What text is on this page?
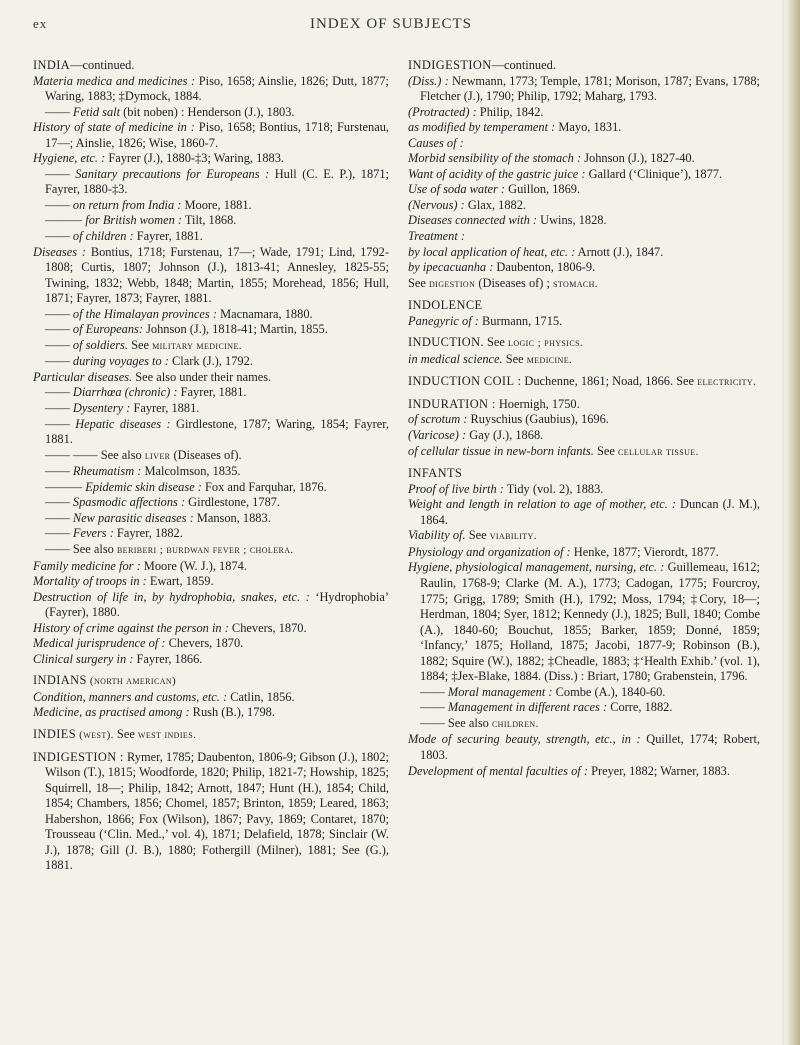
ex	INDEX OF SUBJECTS

INDIA—continued.

Materia medica and medicines : Piso, 1658; Ainslie, 1826; Dutt, 1877; Waring, 1883; ‡Dymock, 1884.

—— Fetid salt (bit noben) : Henderson (J.), 1803.

History of state of medicine in : Piso, 1658; Bontius, 1718; Furstenau, 17—; Ainslie, 1826; Wise, 1860-7.

Hygiene, etc. : Fayrer (J.), 1880-‡3; Waring, 1883.

—— Sanitary precautions for Europeans : Hull (C. E. P.), 1871; Fayrer, 1880-‡3.

—— on return from India : Moore, 1881.

——— for British women : Tilt, 1868.

—— of children : Fayrer, 1881.

Diseases : Bontius, 1718; Furstenau, 17—; Wade, 1791; Lind, 1792-1808; Curtis, 1807; Johnson (J.), 1813-41; Annesley, 1825-55; Twining, 1832; Webb, 1848; Martin, 1855; Morehead, 1856; Hull, 1871; Fayrer, 1873; Fayrer, 1881.

—— of the Himalayan provinces : Macnamara, 1880.

—— of Europeans: Johnson (J.), 1818-41; Martin, 1855.

—— of soldiers. See military medicine.

—— during voyages to : Clark (J.), 1792.

Particular diseases. See also under their names.

—— Diarrhœa (chronic) : Fayrer, 1881.

—— Dysentery : Fayrer, 1881.

—— Hepatic diseases : Girdlestone, 1787; Waring, 1854; Fayrer, 1881.

—— —— See also liver (Diseases of).

—— Rheumatism : Malcolmson, 1835.

——— Epidemic skin disease : Fox and Farquhar, 1876.

—— Spasmodic affections : Girdlestone, 1787.

—— New parasitic diseases : Manson, 1883.

—— Fevers : Fayrer, 1882.

—— See also beriberi ; burdwan fever ; cholera.

Family medicine for : Moore (W. J.), 1874.

Mortality of troops in : Ewart, 1859.

Destruction of life in, by hydrophobia, snakes, etc. : ‘Hydrophobia’ (Fayrer), 1880.

History of crime against the person in : Chevers, 1870.

Medical jurisprudence of : Chevers, 1870.

Clinical surgery in : Fayrer, 1866.

INDIANS (north american)

Condition, manners and customs, etc. : Catlin, 1856.

Medicine, as practised among : Rush (B.), 1798.

INDIES (west). See west indies.

INDIGESTION : Rymer, 1785; Daubenton, 1806-9; Gibson (J.), 1802; Wilson (T.), 1815; Woodforde, 1820; Philip, 1821-7; Howship, 1825; Squirrell, 18—; Philip, 1842; Arnott, 1847; Hunt (H.), 1854; Child, 1854; Chambers, 1856; Chomel, 1857; Brinton, 1859; Leared, 1863; Habershon, 1866; Fox (Wilson), 1867; Pavy, 1869; Contaret, 1870; Trousseau (‘Clin. Med.,’ vol. 4), 1871; Delafield, 1878; Sinclair (W. J.), 1878; Gill (J. B.), 1880; Fothergill (Milner), 1881; See (G.), 1881.

INDIGESTION—continued.

(Diss.) : Newmann, 1773; Temple, 1781; Morison, 1787; Evans, 1788; Fletcher (J.), 1790; Philip, 1792; Maharg, 1793.

(Protracted) : Philip, 1842.

as modified by temperament : Mayo, 1831.

Causes of :

Morbid sensibility of the stomach : Johnson (J.), 1827-40.

Want of acidity of the gastric juice : Gallard (‘Clinique’), 1877.

Use of soda water : Guillon, 1869.

(Nervous) : Glax, 1882.

Diseases connected with : Uwins, 1828.

Treatment :

by local application of heat, etc. : Arnott (J.), 1847.

by ipecacuanha : Daubenton, 1806-9.

See digestion (Diseases of) ; stomach.

INDOLENCE

Panegyric of : Burmann, 1715.

INDUCTION. See logic ; physics.

in medical science. See medicine.

INDUCTION COIL : Duchenne, 1861; Noad, 1866. See electricity.

INDURATION : Hoernigh, 1750.

of scrotum : Ruyschius (Gaubius), 1696.

(Varicose) : Gay (J.), 1868.

of cellular tissue in new-born infants. See cellular tissue.

INFANTS

Proof of live birth : Tidy (vol. 2), 1883.

Weight and length in relation to age of mother, etc. : Duncan (J. M.), 1864.

Viability of. See viability.

Physiology and organization of : Henke, 1877; Vierordt, 1877.

Hygiene, physiological management, nursing, etc. : Guillemeau, 1612; Raulin, 1768-9; Clarke (M. A.), 1773; Cadogan, 1775; Fourcroy, 1775; Grigg, 1789; Smith (H.), 1792; Moss, 1794; ‡Cory, 18—; Herdman, 1804; Syer, 1812; Kennedy (J.), 1825; Bull, 1840; Combe (A.), 1840-60; Bouchut, 1855; Barker, 1859; Donné, 1859; ‘Infancy,’ 1875; Holland, 1875; Jacobi, 1877-9; Robinson (B.), 1882; Squire (W.), 1882; ‡Cheadle, 1883; ‡‘Health Exhib.’ (vol. 1), 1884; ‡Jex-Blake, 1884. (Diss.) : Briart, 1780; Grabenstein, 1796.

—— Moral management : Combe (A.), 1840-60.

—— Management in different races : Corre, 1882.

—— See also children.

Mode of securing beauty, strength, etc., in : Quillet, 1774; Robert, 1803.

Development of mental faculties of : Preyer, 1882; Warner, 1883.
